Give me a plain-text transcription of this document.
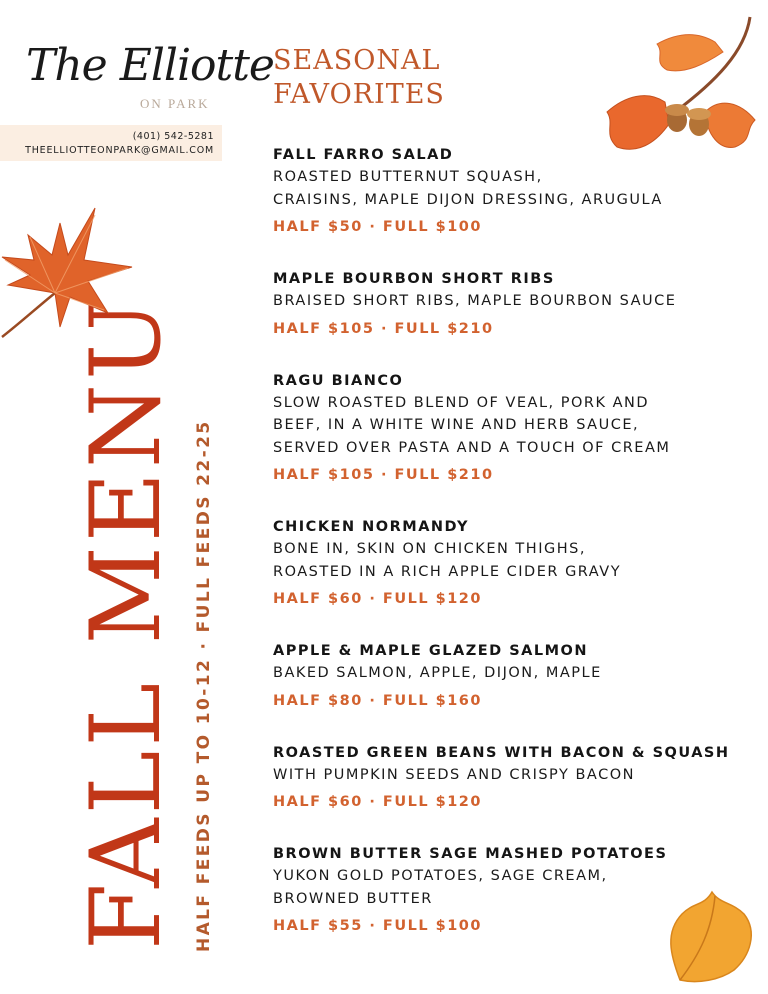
The Elliotte
ON PARK
(401) 542-5281
THEELLIOTTEONPARK@GMAIL.COM
SEASONAL
FAVORITES
FALL FARRO SALAD
ROASTED BUTTERNUT SQUASH,
CRAISINS, MAPLE DIJON DRESSING, ARUGULA
HALF $50 · FULL $100
MAPLE BOURBON SHORT RIBS
BRAISED SHORT RIBS, MAPLE BOURBON SAUCE
HALF $105 · FULL $210
RAGU BIANCO
SLOW ROASTED BLEND OF VEAL, PORK AND
BEEF, IN A WHITE WINE AND HERB SAUCE,
SERVED OVER PASTA AND A TOUCH OF CREAM
HALF $105 · FULL $210
CHICKEN NORMANDY
BONE IN, SKIN ON CHICKEN THIGHS,
ROASTED IN A RICH APPLE CIDER GRAVY
HALF $60 · FULL $120
APPLE & MAPLE GLAZED SALMON
BAKED SALMON, APPLE, DIJON, MAPLE
HALF $80 · FULL $160
ROASTED GREEN BEANS WITH BACON & SQUASH
WITH PUMPKIN SEEDS AND CRISPY BACON
HALF $60 · FULL $120
BROWN BUTTER SAGE MASHED POTATOES
YUKON GOLD POTATOES, SAGE CREAM,
BROWNED BUTTER
HALF $55 · FULL $100
FALL MENU HALF FEEDS UP TO 10-12 · FULL FEEDS 22-25
